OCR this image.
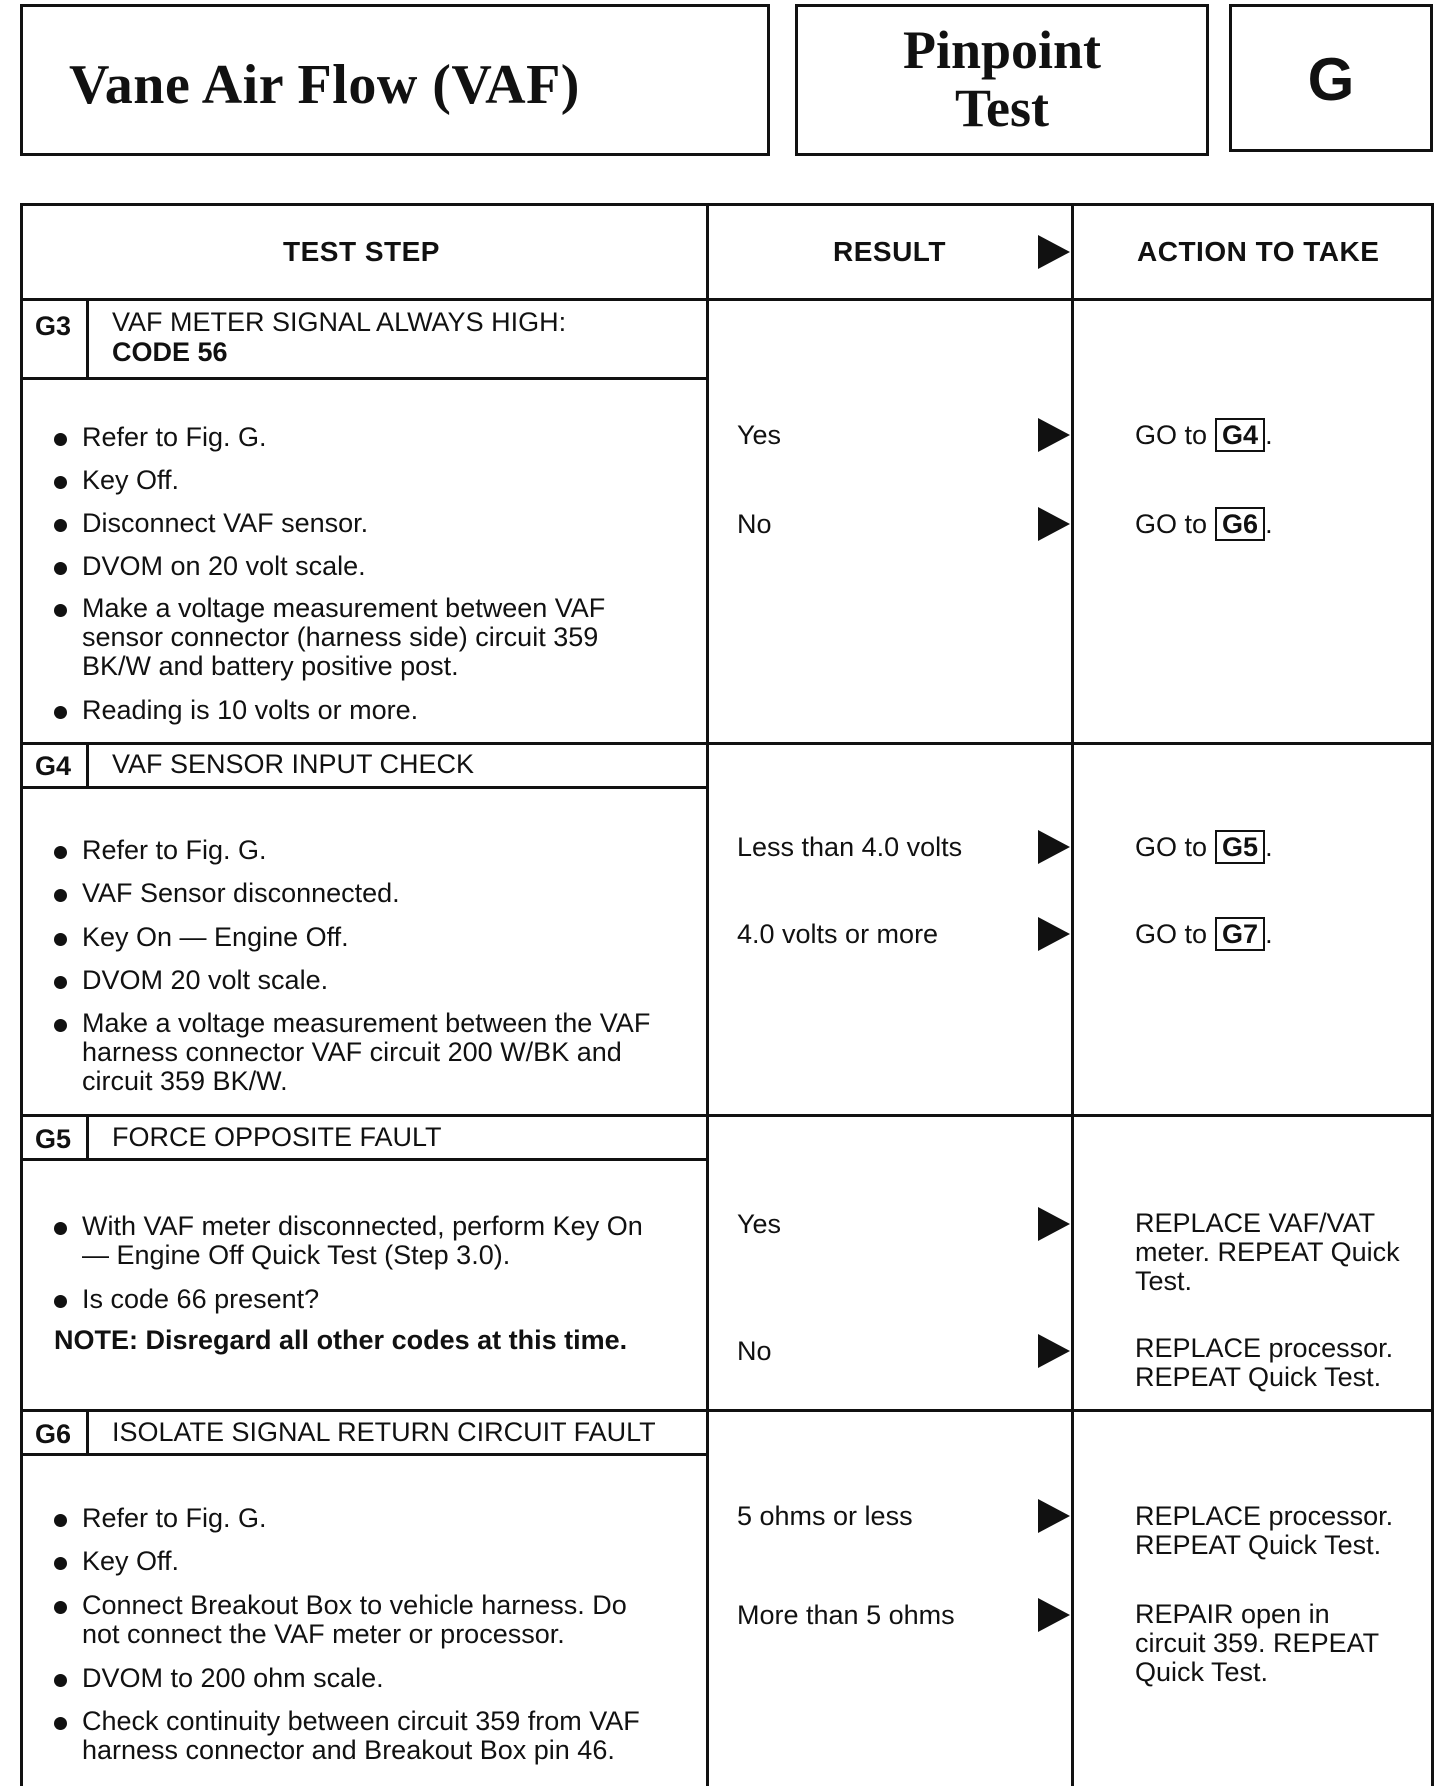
Vane Air Flow (VAF)
Pinpoint
Test	G
TEST STEP	RESULT	ACTION TO TAKE
G3 VAF METER SIGNAL ALWAYS HIGH:
CODE 56
Refer to Fig. G.
Key Off.
Disconnect VAF sensor.
DVOM on 20 volt scale.
Make a voltage measurement between VAF
sensor connector (harness side) circuit 359
BK/W and battery positive post.
Reading is 10 volts or more.
Yes	GO to G4 .
No	GO to G6 .
G4 VAF SENSOR INPUT CHECK
Refer to Fig. G.
VAF Sensor disconnected.
Key On — Engine Off.
DVOM 20 volt scale.
Make a voltage measurement between the VAF
harness connector VAF circuit 200 W/BK and
circuit 359 BK/W.
Less than 4.0 volts	GO to G5 .
4.0 volts or more	GO to G7 .
G5 FORCE OPPOSITE FAULT
With VAF meter disconnected, perform Key On
— Engine Off Quick Test (Step 3.0).
Is code 66 present?
NOTE: Disregard all other codes at this time.
Yes	REPLACE VAF/VAT
meter. REPEAT Quick
Test.
No	REPLACE processor.
REPEAT Quick Test.
G6 ISOLATE SIGNAL RETURN CIRCUIT FAULT
Refer to Fig. G.
Key Off.
Connect Breakout Box to vehicle harness. Do
not connect the VAF meter or processor.
DVOM to 200 ohm scale.
Check continuity between circuit 359 from VAF
harness connector and Breakout Box pin 46.
5 ohms or less	REPLACE processor.
REPEAT Quick Test.
More than 5 ohms	REPAIR open in
circuit 359. REPEAT
Quick Test.
